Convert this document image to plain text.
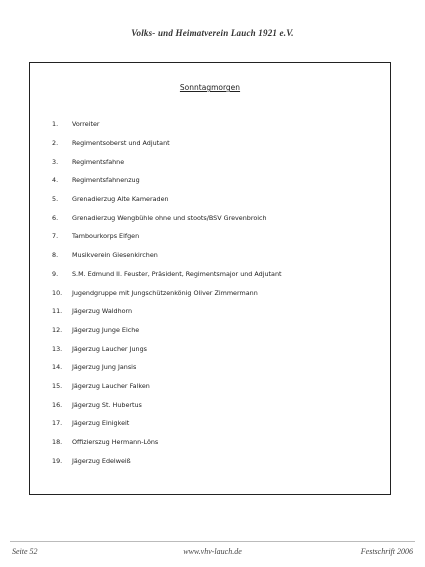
Volks- und Heimatverein Lauch 1921 e.V.
Sonntagmorgen
1.	Vorreiter
2.	Regimentsoberst und Adjutant
3.	Regimentsfahne
4.	Regimentsfahnenzug
5.	Grenadierzug Alte Kameraden
6.	Grenadierzug Wengbühle ohne und stoots/BSV Grevenbroich
7.	Tambourkorps Elfgen
8.	Musikverein Giesenkirchen
9.	S.M. Edmund II. Feuster, Präsident, Regimentsmajor und Adjutant
10.	Jugendgruppe mit Jungschützenkönig Oliver Zimmermann
11.	Jägerzug Waldhorn
12.	Jägerzug Junge Eiche
13.	Jägerzug Laucher Jungs
14.	Jägerzug Jung Jansis
15.	Jägerzug Laucher Falken
16.	Jägerzug St. Hubertus
17.	Jägerzug Einigkeit
18.	Offizierszug Hermann-Löns
19.	Jägerzug Edelweiß
Seite 52	www.vhv-lauch.de	Festschrift 2006
